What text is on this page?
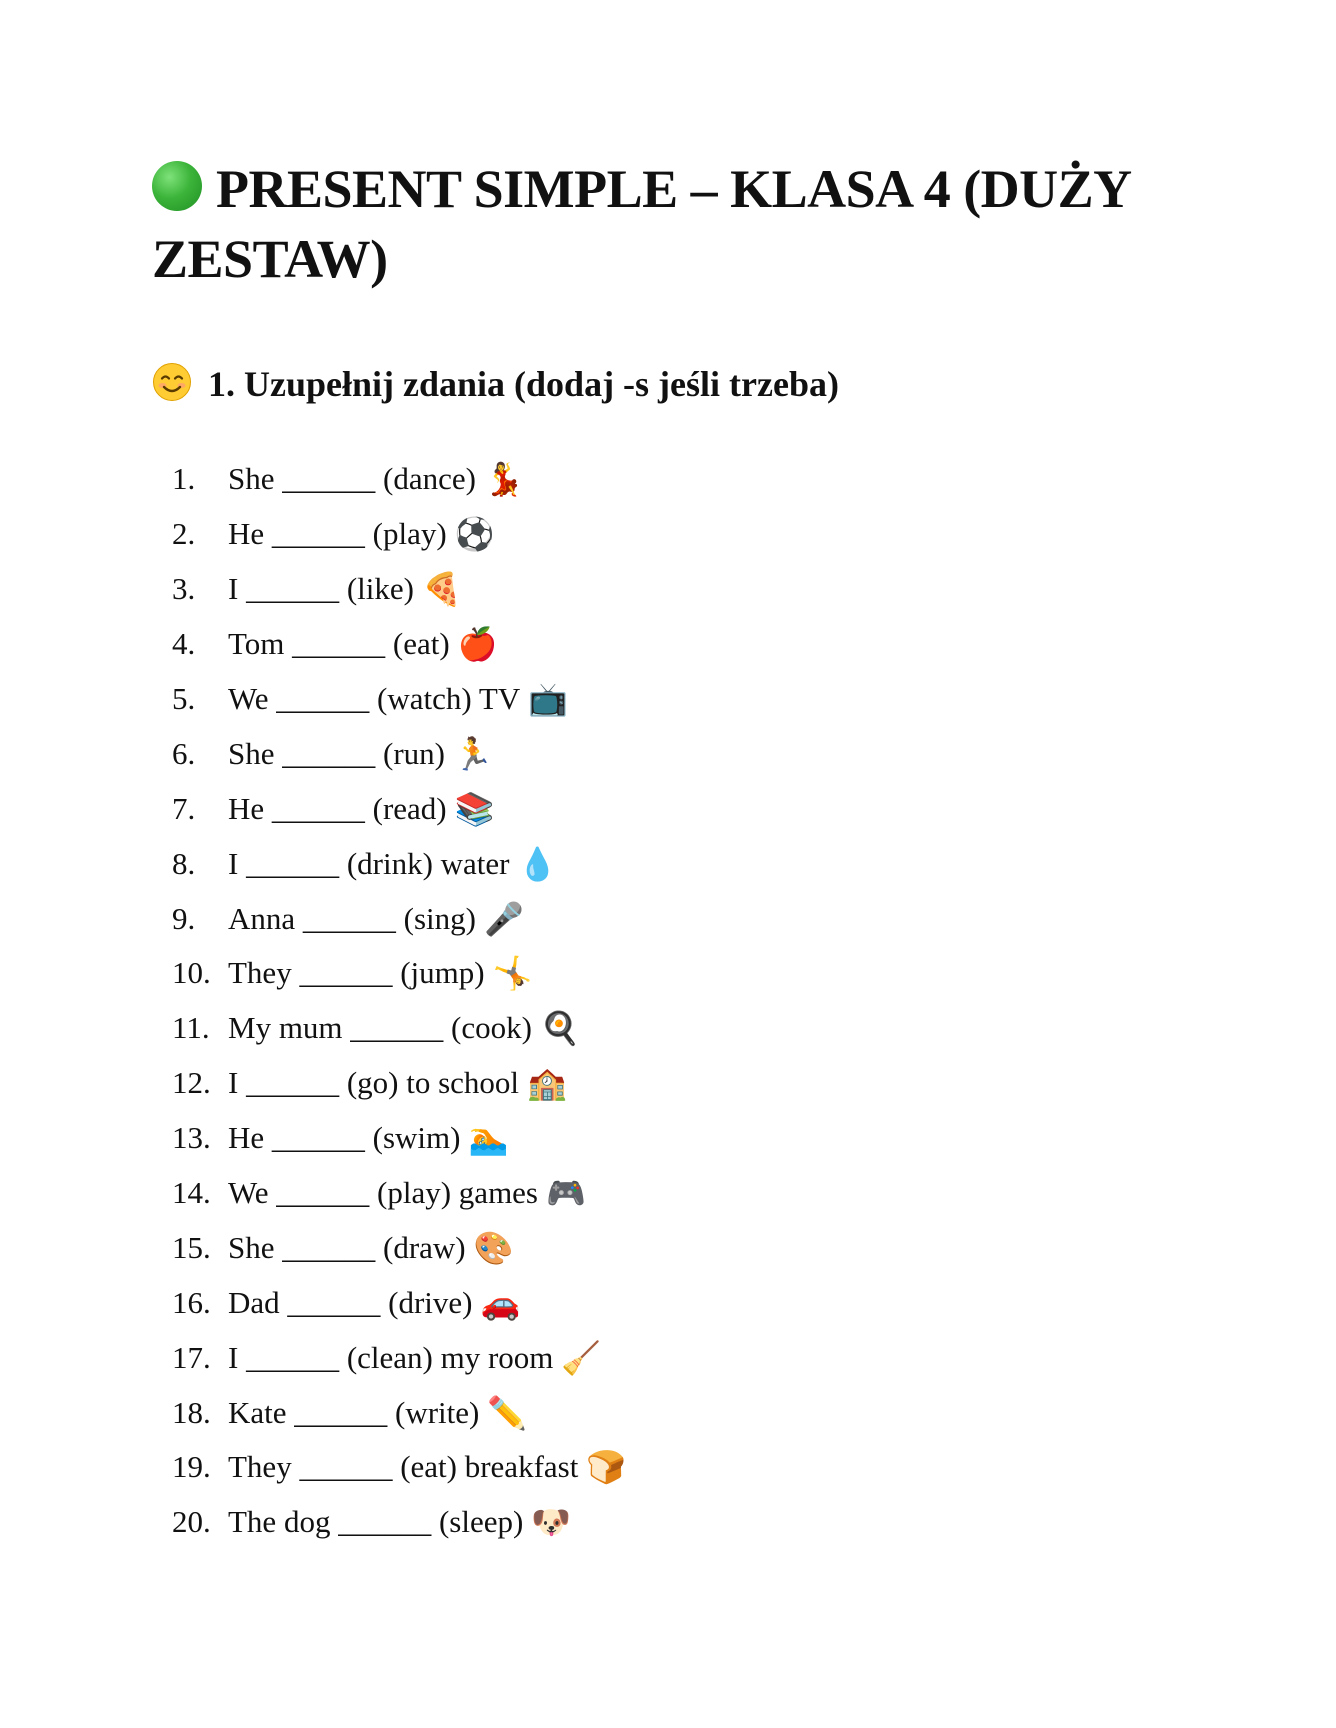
PRESENT SIMPLE – KLASA 4 (DUŻY ZESTAW)
1. Uzupełnij zdania (dodaj -s jeśli trzeba)
1.	She ______ (dance) 💃
2.	He ______ (play) ⚽
3.	I ______ (like) 🍕
4.	Tom ______ (eat) 🍎
5.	We ______ (watch) TV 📺
6.	She ______ (run) 🏃
7.	He ______ (read) 📚
8.	I ______ (drink) water 💧
9.	Anna ______ (sing) 🎤
10. They ______ (jump) 🤸
11. My mum ______ (cook) 🍳
12. I ______ (go) to school 🏫
13. He ______ (swim) 🏊
14. We ______ (play) games 🎮
15. She ______ (draw) 🎨
16. Dad ______ (drive) 🚗
17. I ______ (clean) my room 🧹
18. Kate ______ (write) ✏️
19. They ______ (eat) breakfast 🍞
20. The dog ______ (sleep) 🐶
